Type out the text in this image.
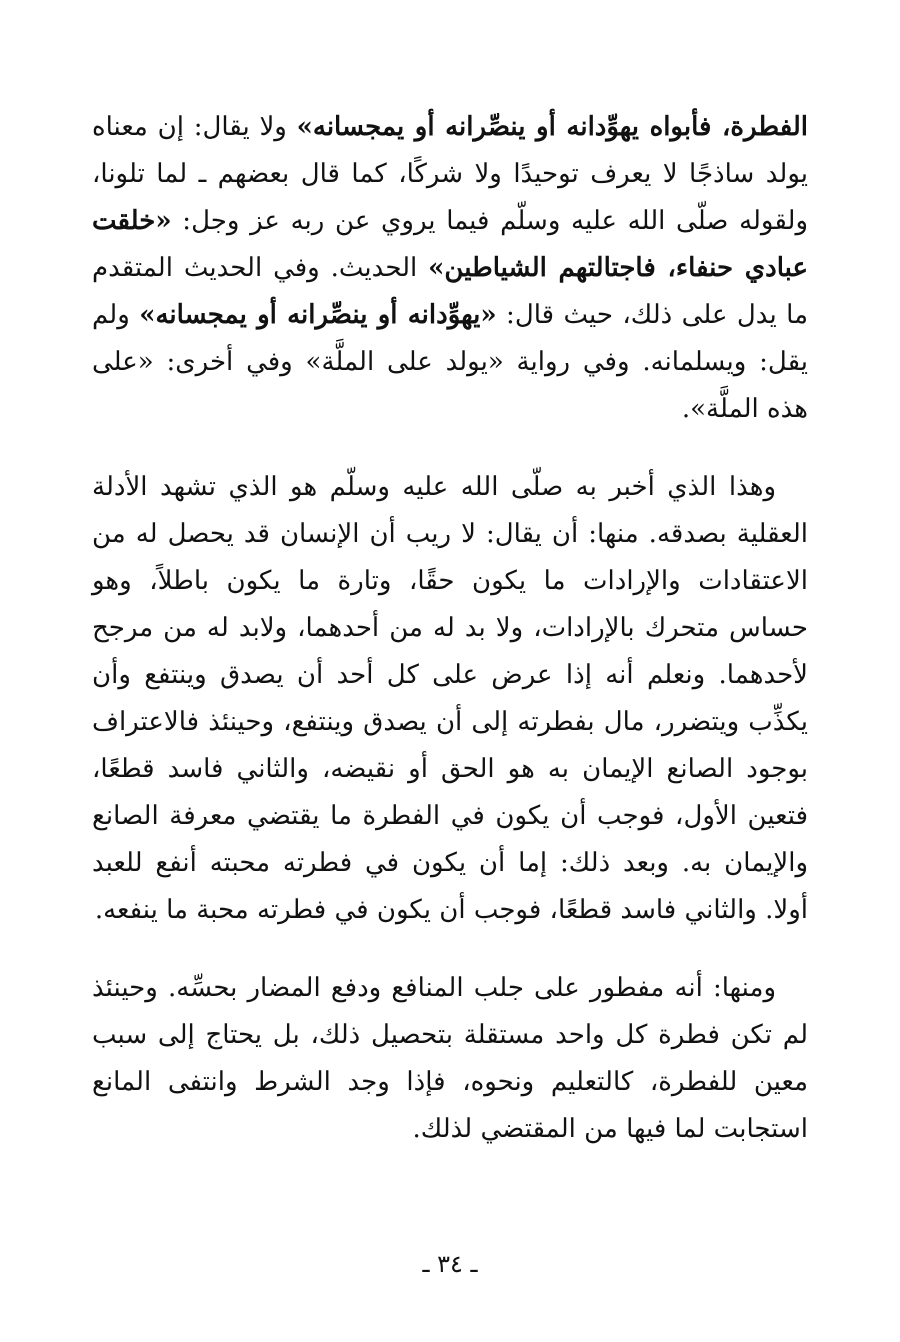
الفطرة، فأبواه يهوِّدانه أو ينصِّرانه أو يمجسانه» ولا يقال: إن معناه يولد ساذجًا لا يعرف توحيدًا ولا شركًا، كما قال بعضهم ـ لما تلونا، ولقوله صلّى الله عليه وسلّم فيما يروي عن ربه عز وجل: «خلقت عبادي حنفاء، فاجتالتهم الشياطين» الحديث. وفي الحديث المتقدم ما يدل على ذلك، حيث قال: «يهوِّدانه أو ينصِّرانه أو يمجسانه» ولم يقل: ويسلمانه. وفي رواية «يولد على الملَّة» وفي أخرى: «على هذه الملَّة».

وهذا الذي أخبر به صلّى الله عليه وسلّم هو الذي تشهد الأدلة العقلية بصدقه. منها: أن يقال: لا ريب أن الإنسان قد يحصل له من الاعتقادات والإرادات ما يكون حقًا، وتارة ما يكون باطلاً، وهو حساس متحرك بالإرادات، ولا بد له من أحدهما، ولابد له من مرجح لأحدهما. ونعلم أنه إذا عرض على كل أحد أن يصدق وينتفع وأن يكذِّب ويتضرر، مال بفطرته إلى أن يصدق وينتفع، وحينئذ فالاعتراف بوجود الصانع الإيمان به هو الحق أو نقيضه، والثاني فاسد قطعًا، فتعين الأول، فوجب أن يكون في الفطرة ما يقتضي معرفة الصانع والإيمان به. وبعد ذلك: إما أن يكون في فطرته محبته أنفع للعبد أولا. والثاني فاسد قطعًا، فوجب أن يكون في فطرته محبة ما ينفعه.

ومنها: أنه مفطور على جلب المنافع ودفع المضار بحسِّه. وحينئذ لم تكن فطرة كل واحد مستقلة بتحصيل ذلك، بل يحتاج إلى سبب معين للفطرة، كالتعليم ونحوه، فإذا وجد الشرط وانتفى المانع استجابت لما فيها من المقتضي لذلك.

ـ ٣٤ ـ
